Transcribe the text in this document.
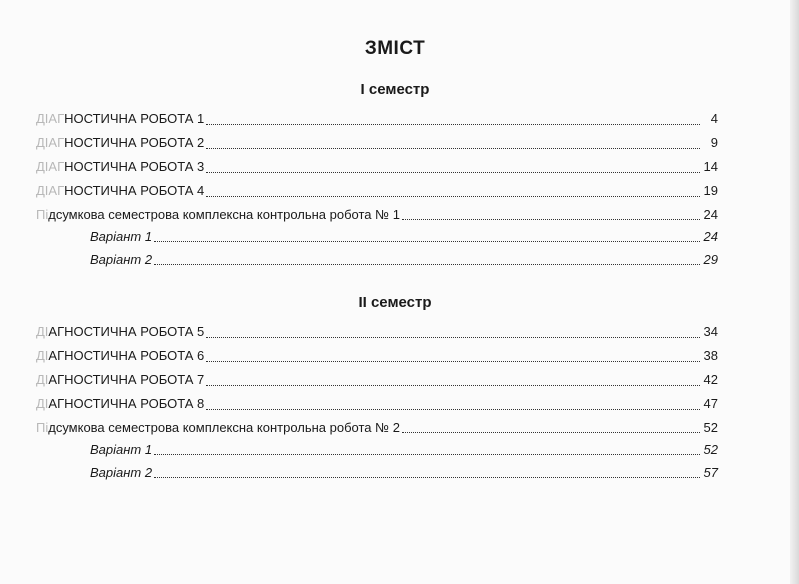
ЗМІСТ
І семестр
ДІАГНОСТИЧНА РОБОТА 1	4
ДІАГНОСТИЧНА РОБОТА 2	9
ДІАГНОСТИЧНА РОБОТА 3	14
ДІАГНОСТИЧНА РОБОТА 4	19
Підсумкова семестрова комплексна контрольна робота № 1	24
Варіант 1	24
Варіант 2	29
ІІ семестр
ДІАГНОСТИЧНА РОБОТА 5	34
ДІАГНОСТИЧНА РОБОТА 6	38
ДІАГНОСТИЧНА РОБОТА 7	42
ДІАГНОСТИЧНА РОБОТА 8	47
Підсумкова семестрова комплексна контрольна робота № 2	52
Варіант 1	52
Варіант 2	57
